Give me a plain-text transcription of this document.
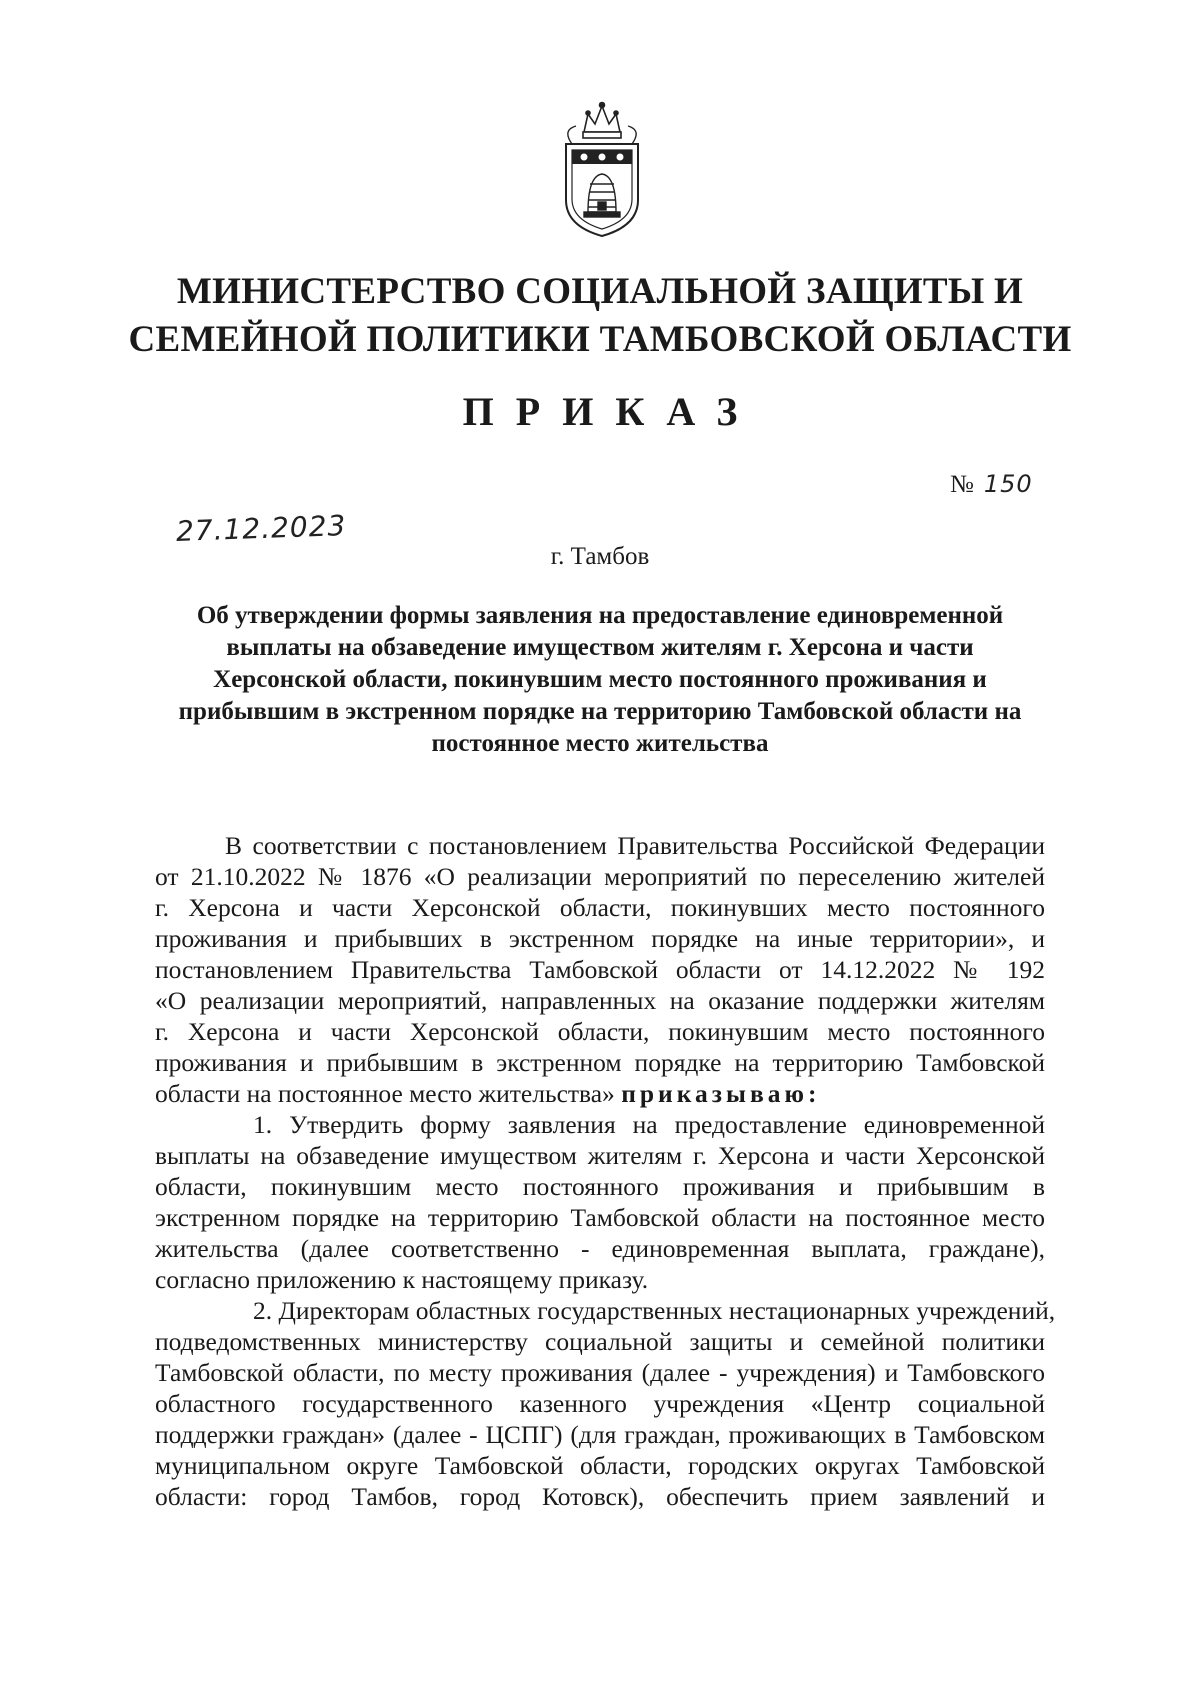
МИНИСТЕРСТВО СОЦИАЛЬНОЙ ЗАЩИТЫ И
СЕМЕЙНОЙ ПОЛИТИКИ ТАМБОВСКОЙ ОБЛАСТИ
ПРИКАЗ
№ 150
27.12.2023
г. Тамбов
Об утверждении формы заявления на предоставление единовременной
выплаты на обзаведение имуществом жителям г. Херсона и части
Херсонской области, покинувшим место постоянного проживания и
прибывшим в экстренном порядке на территорию Тамбовской области на
постоянное место жительства
В соответствии с постановлением Правительства Российской Федерации
от 21.10.2022 № 1876 «О реализации мероприятий по переселению жителей
г. Херсона и части Херсонской области, покинувших место постоянного
проживания и прибывших в экстренном порядке на иные территории», и
постановлением Правительства Тамбовской области от 14.12.2022 № 192
«О реализации мероприятий, направленных на оказание поддержки жителям
г. Херсона и части Херсонской области, покинувшим место постоянного
проживания и прибывшим в экстренном порядке на территорию Тамбовской
области на постоянное место жительства» приказываю:
1. Утвердить форму заявления на предоставление единовременной
выплаты на обзаведение имуществом жителям г. Херсона и части Херсонской
области, покинувшим место постоянного проживания и прибывшим в
экстренном порядке на территорию Тамбовской области на постоянное место
жительства (далее соответственно - единовременная выплата, граждане),
согласно приложению к настоящему приказу.
2. Директорам областных государственных нестационарных учреждений,
подведомственных министерству социальной защиты и семейной политики
Тамбовской области, по месту проживания (далее - учреждения) и Тамбовского
областного государственного казенного учреждения «Центр социальной
поддержки граждан» (далее - ЦСПГ) (для граждан, проживающих в Тамбовском
муниципальном округе Тамбовской области, городских округах Тамбовской
области: город Тамбов, город Котовск), обеспечить прием заявлений и
